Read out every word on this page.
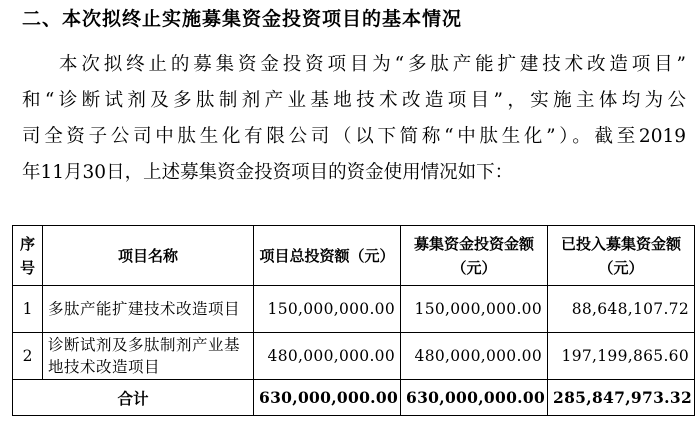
二、本次拟终止实施募集资金投资项目的基本情况
本次拟终止的募集资金投资项目为“多肽产能扩建技术改造项目”
和“诊断试剂及多肽制剂产业基地技术改造项目”，实施主体均为公
司全资子公司中肽生化有限公司（以下简称“中肽生化”）。截至2019
年11月30日，上述募集资金投资项目的资金使用情况如下：
序号	项目名称	项目总投资额（元）	募集资金投资金额（元）	已投入募集资金额（元）
1	多肽产能扩建技术改造项目	150,000,000.00	150,000,000.00	88,648,107.72
2	诊断试剂及多肽制剂产业基地技术改造项目	480,000,000.00	480,000,000.00	197,199,865.60
合计		630,000,000.00	630,000,000.00	285,847,973.32
